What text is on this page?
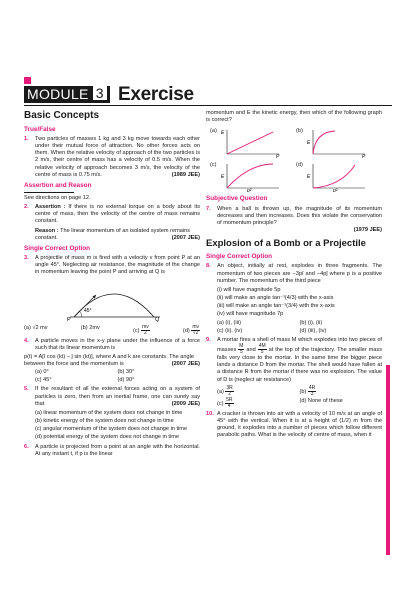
MODULE 3 Exercise
Basic Concepts
True/False
1. Two particles of masses 1 kg and 3 kg move towards each other under their mutual force of attraction. No other forces acts on them. When the relative velocity of approach of the two particles is 2 m/s, their centre of mass has a velocity of 0.5 m/s. When the relative velocity of approach becomes 3 m/s, the velocity of the centre of mass is 0.75 m/s.	(1989 JEE)
Assertion and Reason
See directions on page 12.
2. Assertion : If there is no external torque on a body about its centre of mass, then the velocity of the centre of mass remains constant.
Reason : The linear momentum of an isolated system remains constant.	(2007 JEE)
Single Correct Option
3. A projectile of mass m is fired with a velocity v from point P at an angle 45°. Neglecting air resistance, the magnitude of the change in momentum leaving the point P and arriving at Q is
45°
P	Q
(a) √2 mv	(b) 2mv	$(c) \frac{mv}{2}$	$(d) \frac{mv}{√2}$
4. A particle moves in the x-y plane under the influence of a force such that its linear momentum is
p(t) = A[î cos (kt) − ĵ sin (kt)], where A and k are constants. The angle between the force and the momentum is	(2007 JEE)
(a) 0°	(b) 30°
(c) 45°	(d) 90°
5. If the resultant of all the external forces acting on a system of particles is zero, then from an inertial frame, one can surely say that	(2009 JEE)
(a) linear momentum of the system does not change in time
(b) kinetic energy of the system does not change in time
(c) angular momentum of the system does not change in time
(d) potential energy of the system does not change in time
6. A particle is projected from a point at an angle with the horizontal. At any instant t, if p is the linear
momentum and E the kinetic energy, then which of the following graph is correct?
(a) E
P
(b)
E
P
(c)
E
p²
(d)
E
p²
Subjective Question
7. When a ball is thrown up, the magnitude of its momentum decreases and then increases. Does this violate the conservation of momentum principle?
(1979 JEE)
Explosion of a Bomb or a Projectile
Single Correct Option
8. An object, initially at rest, explodes in three fragments. The momentum of two pieces are −3pî and −4pĵ where p is a positive number. The momentum of the third piece
(i) will have magnitude 5p
(ii) will make an angle tan⁻¹(4/3) with the x-axis
(iii) will make an angle tan⁻¹(3/4) with the x-axis
(iv) will have magnitude 7p
(a) (i), (iii)	(b) (i), (ii)
(c) (ii), (iv)	(d) (iii), (iv)
9. A mortar fires a shell of mass M which explodes into two pieces of masses $\frac{M}{5}$ and $\frac{4M}{5}$ at the top of the trajectory. The smaller mass falls very close to the mortar. In the same time the bigger piece lands a distance D from the mortar. The shell would have fallen at a distance R from the mortar if there was no explosion. The value of D is (neglect air resistance)
$(a) \frac{3R}{2}$	$(b) \frac{4R}{3}$
$(c) \frac{5R}{4}$	(d) None of these
10. A cracker is thrown into air with a velocity of 10 m/s at an angle of 45° with the vertical. When it is at a height of (1/2) m from the ground, it explodes into a number of pieces which follow different parabolic paths. What is the velocity of centre of mass, when it
